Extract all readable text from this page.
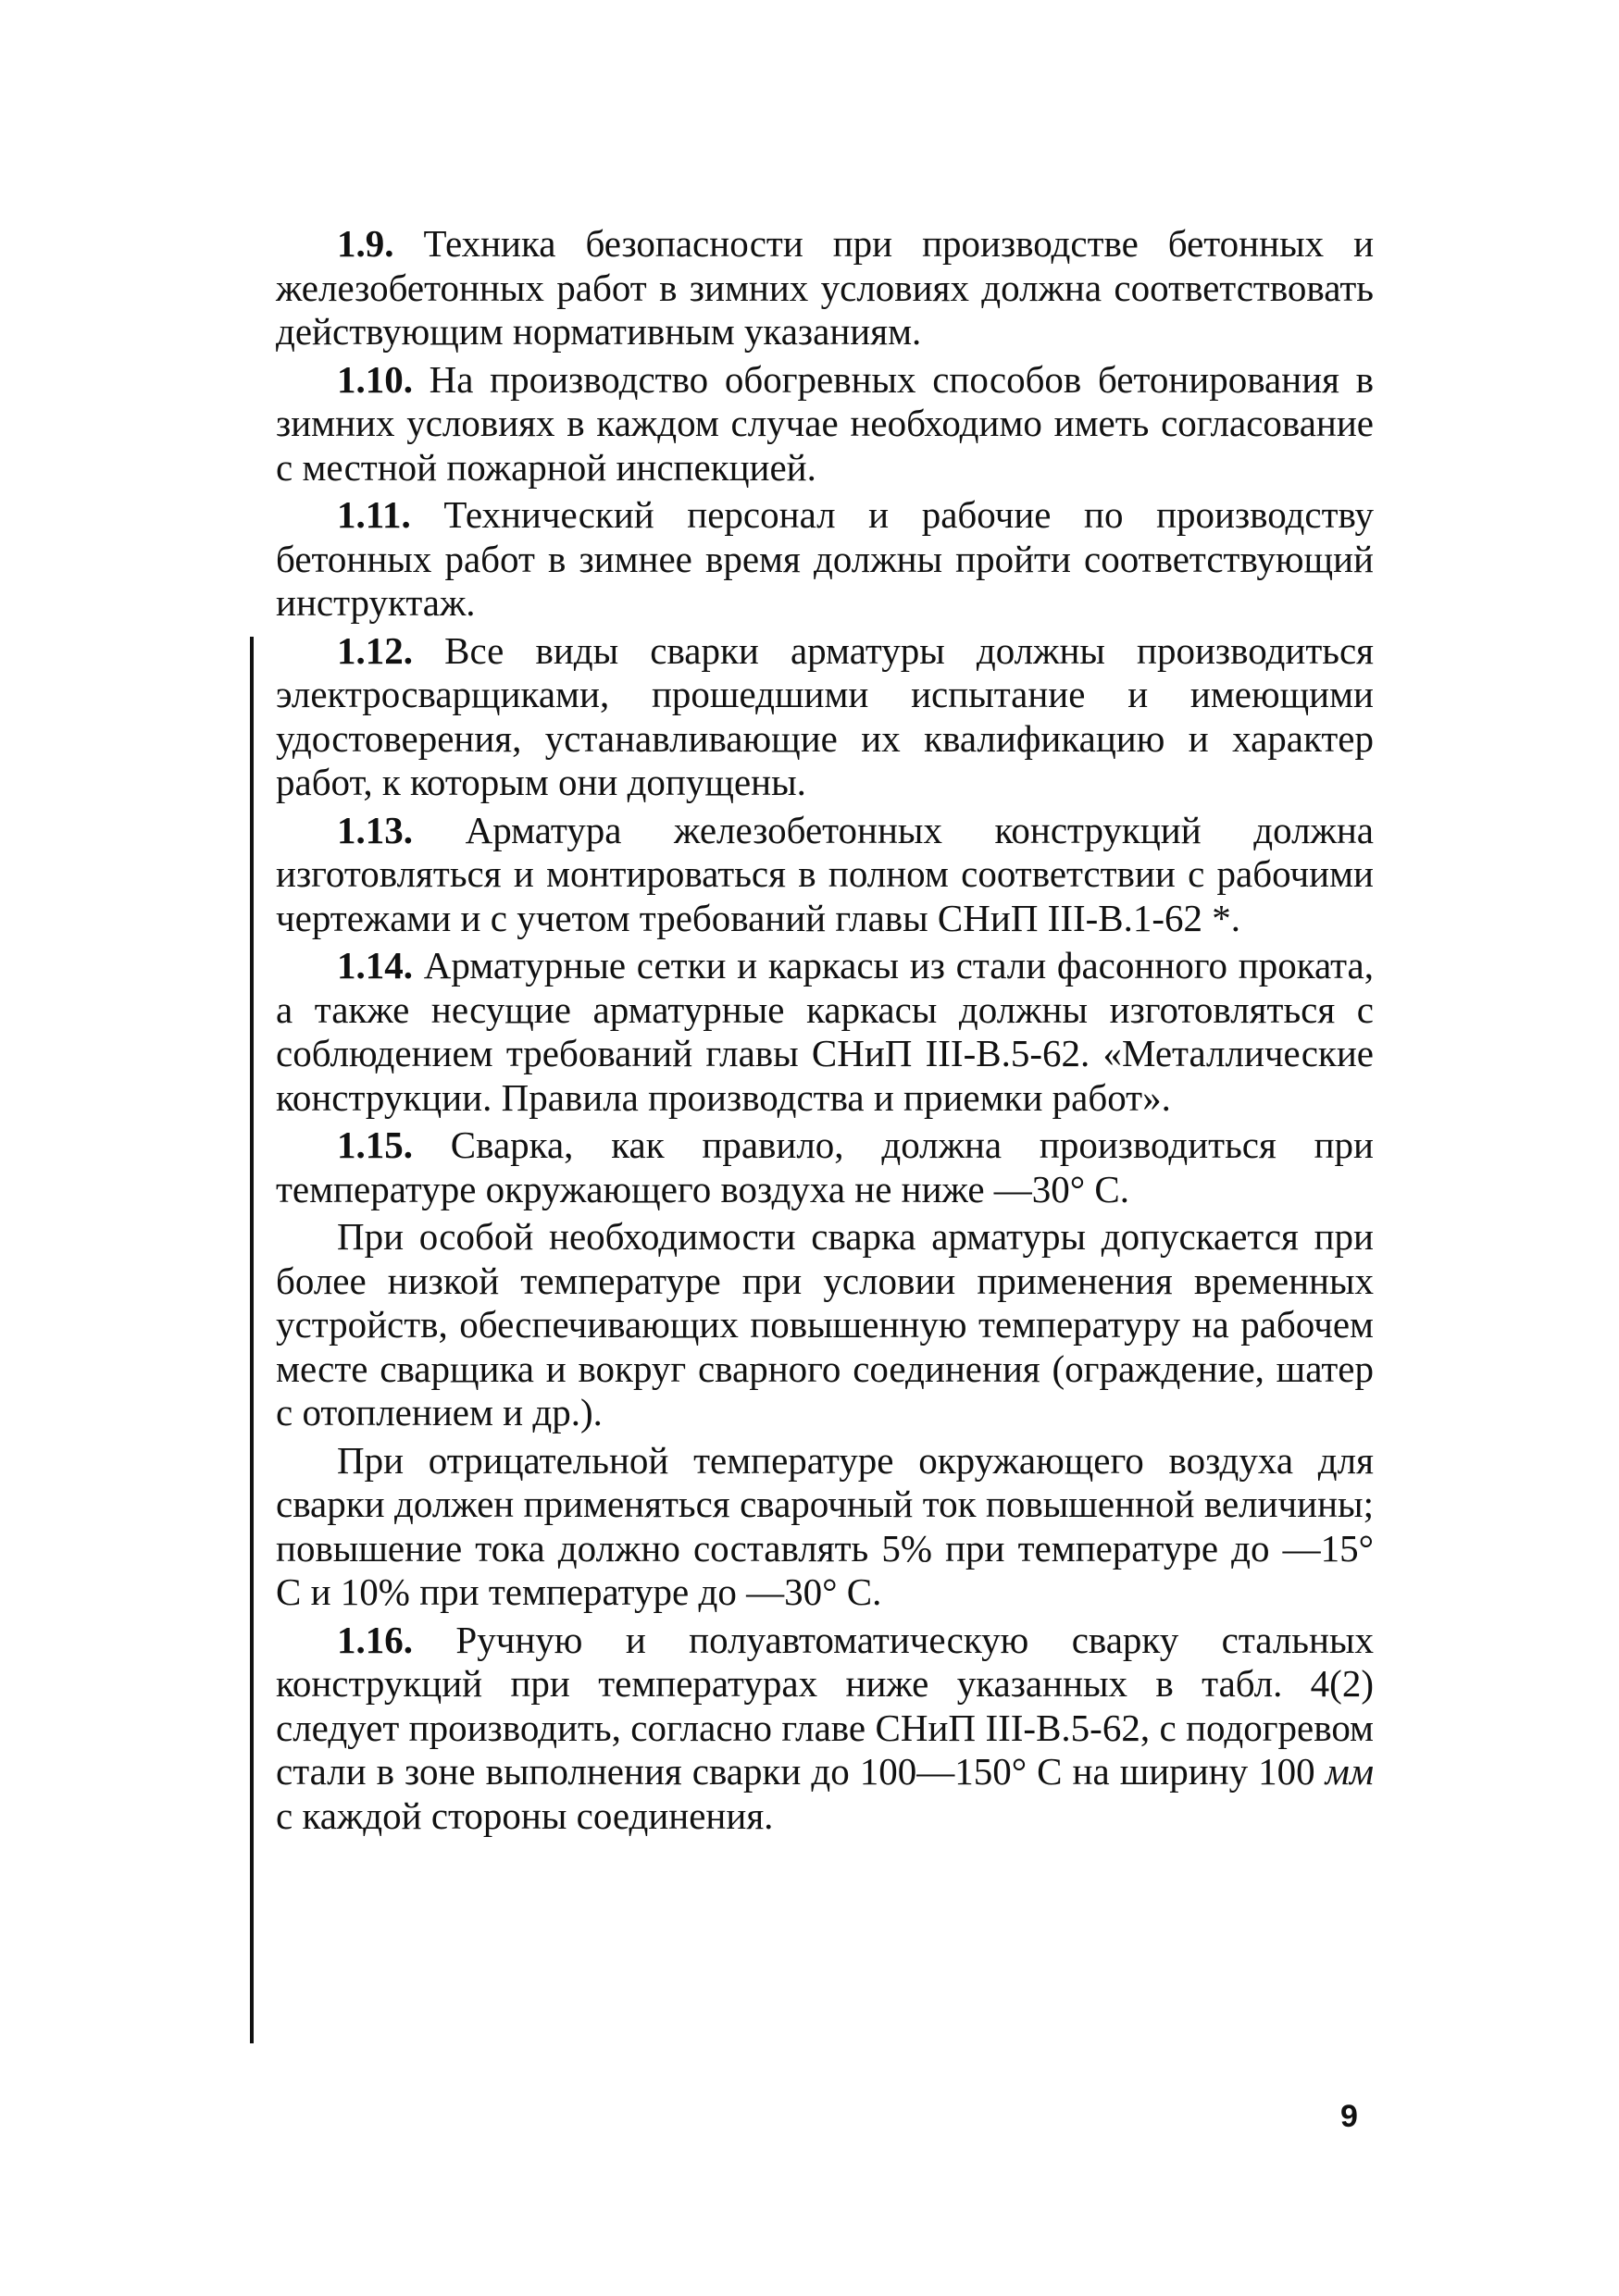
1.9. Техника безопасности при производстве бетонных и железобетонных работ в зимних условиях должна соответствовать действующим нормативным указаниям.

1.10. На производство обогревных способов бетонирования в зимних условиях в каждом случае необходимо иметь согласование с местной пожарной инспекцией.

1.11. Технический персонал и рабочие по производству бетонных работ в зимнее время должны пройти соответствующий инструктаж.

1.12. Все виды сварки арматуры должны производиться электросварщиками, прошедшими испытание и имеющими удостоверения, устанавливающие их квалификацию и характер работ, к которым они допущены.

1.13. Арматура железобетонных конструкций должна изготовляться и монтироваться в полном соответствии с рабочими чертежами и с учетом требований главы СНиП III-В.1-62 *.

1.14. Арматурные сетки и каркасы из стали фасонного проката, а также несущие арматурные каркасы должны изготовляться с соблюдением требований главы СНиП III-В.5-62. «Металлические конструкции. Правила производства и приемки работ».

1.15. Сварка, как правило, должна производиться при температуре окружающего воздуха не ниже —30° С.

При особой необходимости сварка арматуры допускается при более низкой температуре при условии применения временных устройств, обеспечивающих повышенную температуру на рабочем месте сварщика и вокруг сварного соединения (ограждение, шатер с отоплением и др.).

При отрицательной температуре окружающего воздуха для сварки должен применяться сварочный ток повышенной величины; повышение тока должно составлять 5% при температуре до —15° С и 10% при температуре до —30° С.

1.16. Ручную и полуавтоматическую сварку стальных конструкций при температурах ниже указанных в табл. 4(2) следует производить, согласно главе СНиП III-В.5-62, с подогревом стали в зоне выполнения сварки до 100—150° С на ширину 100 мм с каждой стороны соединения.

9
